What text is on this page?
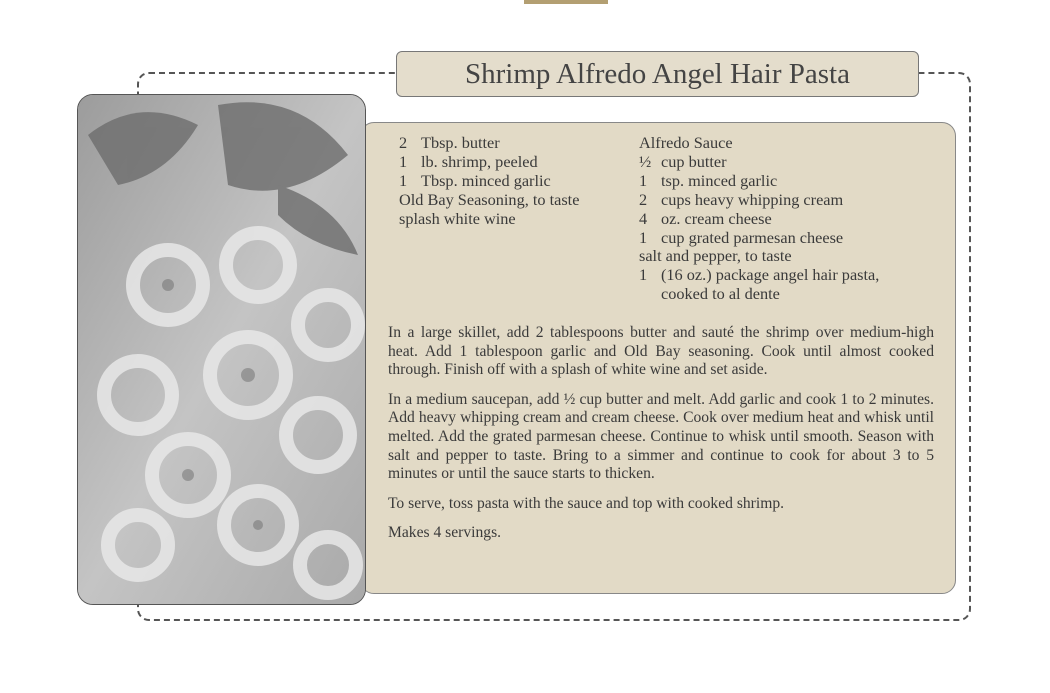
Shrimp Alfredo Angel Hair Pasta
2 Tbsp. butter
1 lb. shrimp, peeled
1 Tbsp. minced garlic
Old Bay Seasoning, to taste
splash white wine
Alfredo Sauce
½ cup butter
1 tsp. minced garlic
2 cups heavy whipping cream
4 oz. cream cheese
1 cup grated parmesan cheese
salt and pepper, to taste
1 (16 oz.) package angel hair pasta,
cooked to al dente

In a large skillet, add 2 tablespoons butter and sauté the shrimp over medium-high heat. Add 1 tablespoon garlic and Old Bay seasoning. Cook until almost cooked through. Finish off with a splash of white wine and set aside.

In a medium saucepan, add ½ cup butter and melt. Add garlic and cook 1 to 2 minutes. Add heavy whipping cream and cream cheese. Cook over medium heat and whisk until melted. Add the grated parmesan cheese. Continue to whisk until smooth. Season with salt and pepper to taste. Bring to a simmer and continue to cook for about 3 to 5 minutes or until the sauce starts to thicken.

To serve, toss pasta with the sauce and top with cooked shrimp.

Makes 4 servings.
